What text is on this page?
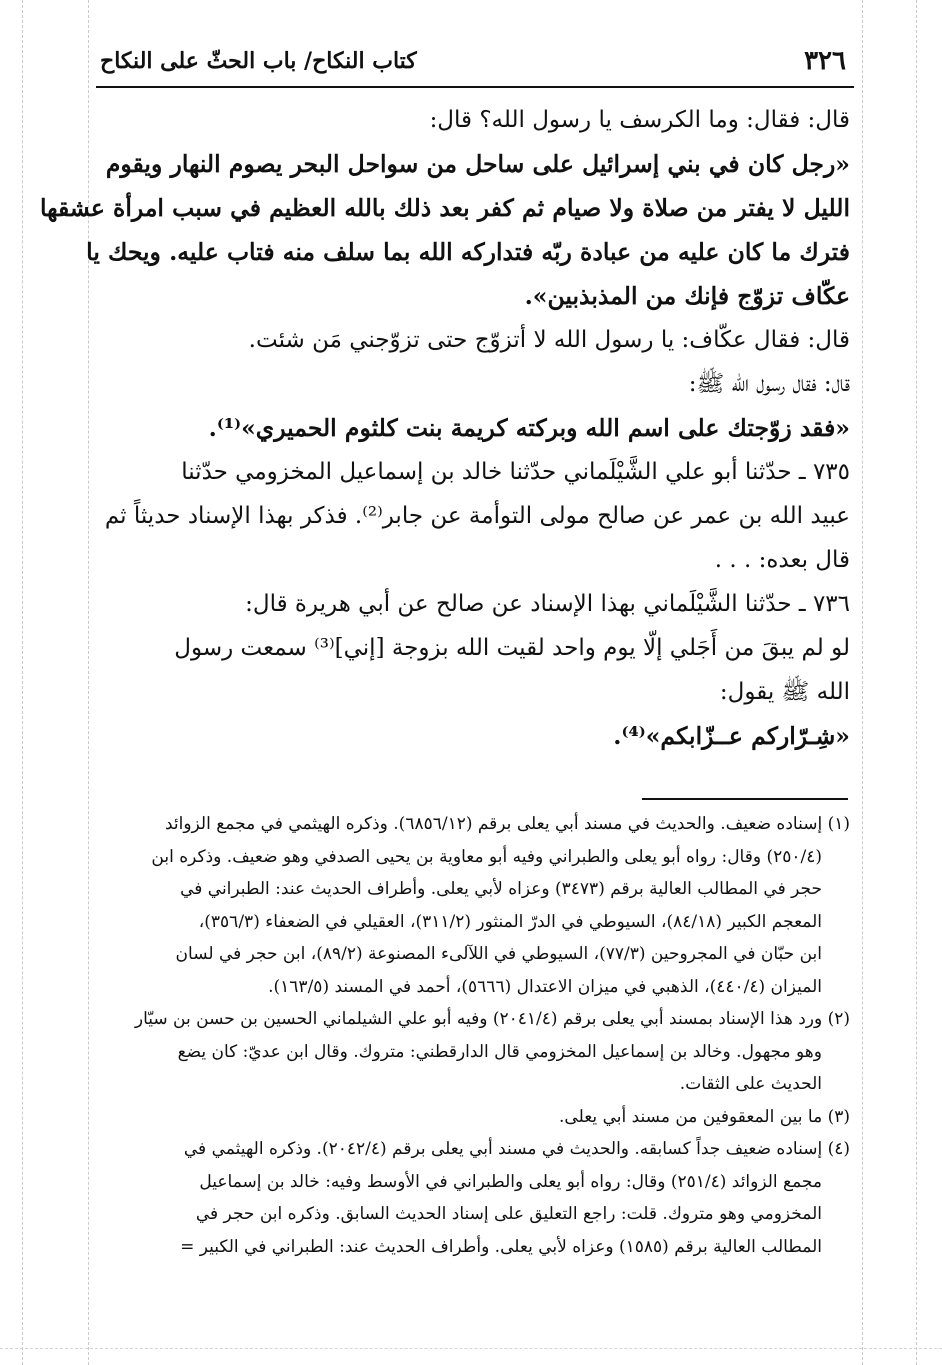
٣٢٦
كتاب النكاح/ باب الحثّ على النكاح
قال: فقال: وما الكرسف يا رسول الله؟ قال:
«رجل كان في بني إسرائيل على ساحل من سواحل البحر يصوم النهار ويقوم
الليل لا يفتر من صلاة ولا صيام ثم كفر بعد ذلك بالله العظيم في سبب امرأة عشقها
فترك ما كان عليه من عبادة ربّه فتداركه الله بما سلف منه فتاب عليه. ويحك يا
عكّاف تزوّج فإنك من المذبذبين».
قال: فقال عكّاف: يا رسول الله لا أتزوّج حتى تزوّجني مَن شئت.
قال: فقال رسول الله ﷺ:
«فقد زوّجتك على اسم الله وبركته كريمة بنت كلثوم الحميري»⁽¹⁾.
٧٣٥ ـ حدّثنا أبو علي الشَّيْلَماني حدّثنا خالد بن إسماعيل المخزومي حدّثنا
عبيد الله بن عمر عن صالح مولى التوأمة عن جابر⁽²⁾. فذكر بهذا الإسناد حديثاً ثم
قال بعده: . . .
٧٣٦ ـ حدّثنا الشَّيْلَماني بهذا الإسناد عن صالح عن أبي هريرة قال:
لو لم يبقَ من أَجَلي إلّا يوم واحد لقيت الله بزوجة [إني]⁽³⁾ سمعت رسول
الله ﷺ يقول:
«شِـرّاركم عــزّابكم»⁽⁴⁾.
(١) إسناده ضعيف. والحديث في مسند أبي يعلى برقم (٦٨٥٦/١٢). وذكره الهيثمي في مجمع الزوائد
(٢٥٠/٤) وقال: رواه أبو يعلى والطبراني وفيه أبو معاوية بن يحيى الصدفي وهو ضعيف. وذكره ابن
حجر في المطالب العالية برقم (٣٤٧٣) وعزاه لأبي يعلى. وأطراف الحديث عند: الطبراني في
المعجم الكبير (٨٤/١٨)، السيوطي في الدرّ المنثور (٣١١/٢)، العقيلي في الضعفاء (٣٥٦/٣)،
ابن حبّان في المجروحين (٧٧/٣)، السيوطي في اللآلىء المصنوعة (٨٩/٢)، ابن حجر في لسان
الميزان (٤٤٠/٤)، الذهبي في ميزان الاعتدال (٥٦٦٦)، أحمد في المسند (١٦٣/٥).
(٢) ورد هذا الإسناد بمسند أبي يعلى برقم (٢٠٤١/٤) وفيه أبو علي الشيلماني الحسين بن حسن بن سيّار
وهو مجهول. وخالد بن إسماعيل المخزومي قال الدارقطني: متروك. وقال ابن عديّ: كان يضع
الحديث على الثقات.
(٣) ما بين المعقوفين من مسند أبي يعلى.
(٤) إسناده ضعيف جداً كسابقه. والحديث في مسند أبي يعلى برقم (٢٠٤٢/٤). وذكره الهيثمي في
مجمع الزوائد (٢٥١/٤) وقال: رواه أبو يعلى والطبراني في الأوسط وفيه: خالد بن إسماعيل
المخزومي وهو متروك. قلت: راجع التعليق على إسناد الحديث السابق. وذكره ابن حجر في
المطالب العالية برقم (١٥٨٥) وعزاه لأبي يعلى. وأطراف الحديث عند: الطبراني في الكبير =
